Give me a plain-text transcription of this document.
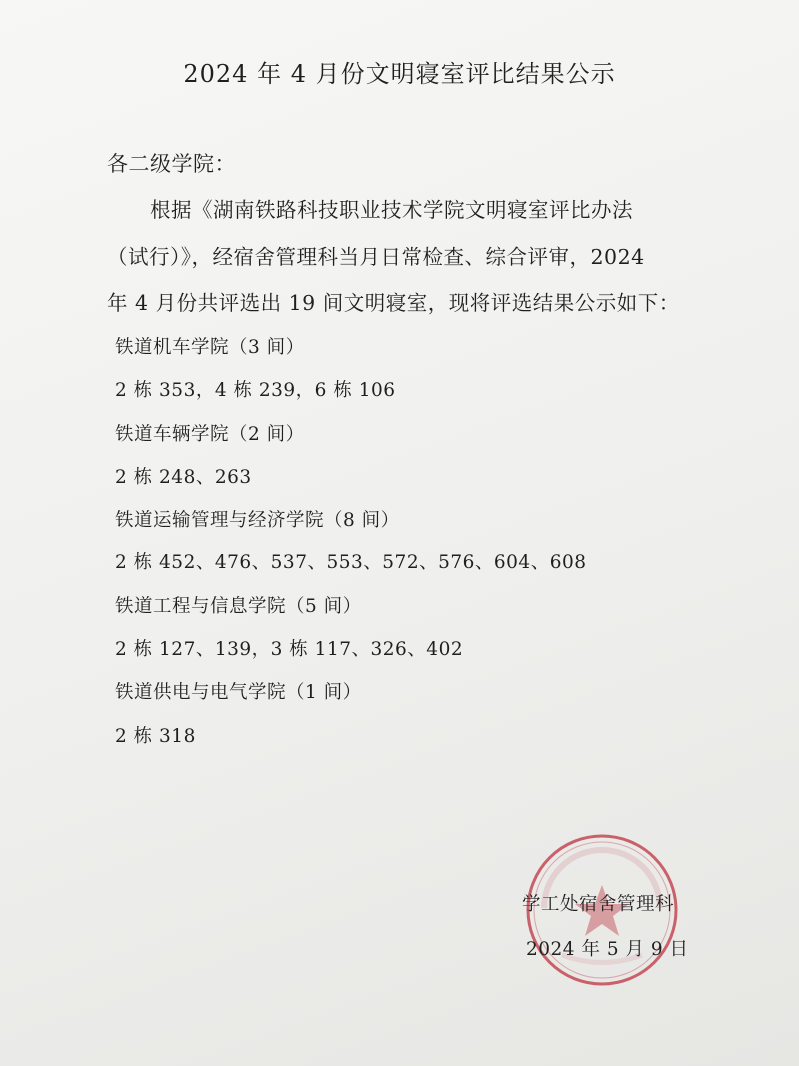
2024 年 4 月份文明寝室评比结果公示
各二级学院：
根据《湖南铁路科技职业技术学院文明寝室评比办法
（试行）》，经宿舍管理科当月日常检查、综合评审，2024
年 4 月份共评选出 19 间文明寝室，现将评选结果公示如下：
铁道机车学院（3 间）
2 栋 353，4 栋 239，6 栋 106
铁道车辆学院（2 间）
2 栋 248、263
铁道运输管理与经济学院（8 间）
2 栋 452、476、537、553、572、576、604、608
铁道工程与信息学院（5 间）
2 栋 127、139，3 栋 117、326、402
铁道供电与电气学院（1 间）
2 栋 318
学工处宿舍管理科
2024 年 5 月 9 日
